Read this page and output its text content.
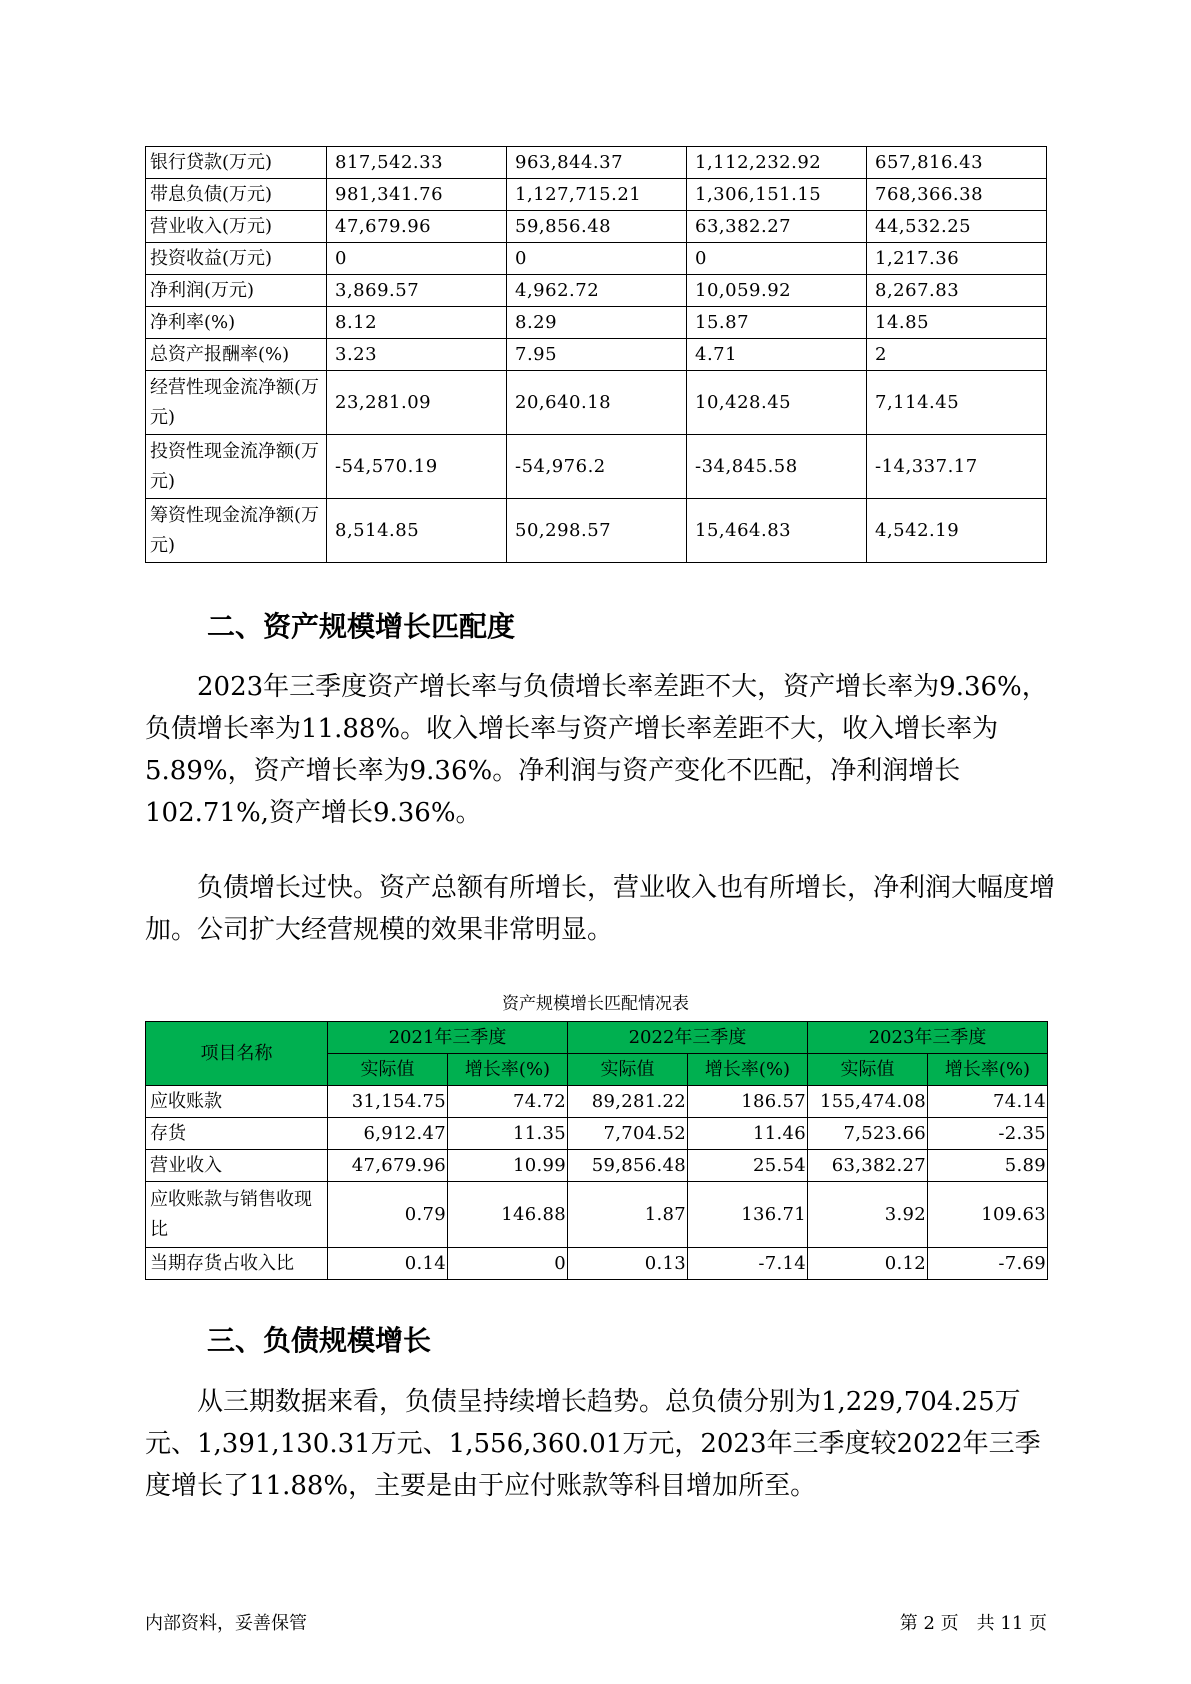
银行贷款(万元)	817,542.33	963,844.37	1,112,232.92	657,816.43
带息负债(万元)	981,341.76	1,127,715.21	1,306,151.15	768,366.38
营业收入(万元)	47,679.96	59,856.48	63,382.27	44,532.25
投资收益(万元)	0	0	0	1,217.36
净利润(万元)	3,869.57	4,962.72	10,059.92	8,267.83
净利率(%)	8.12	8.29	15.87	14.85
总资产报酬率(%)	3.23	7.95	4.71	2
经营性现金流净额(万元)	23,281.09	20,640.18	10,428.45	7,114.45
投资性现金流净额(万元)	-54,570.19	-54,976.2	-34,845.58	-14,337.17
筹资性现金流净额(万元)	8,514.85	50,298.57	15,464.83	4,542.19
二、资产规模增长匹配度
2023年三季度资产增长率与负债增长率差距不大，资产增长率为9.36%，负债增长率为11.88%。收入增长率与资产增长率差距不大，收入增长率为5.89%，资产增长率为9.36%。净利润与资产变化不匹配，净利润增长102.71%,资产增长9.36%。
负债增长过快。资产总额有所增长，营业收入也有所增长，净利润大幅度增加。公司扩大经营规模的效果非常明显。
资产规模增长匹配情况表
项目名称	2021年三季度		2022年三季度		2023年三季度	
	实际值	增长率(%)	实际值	增长率(%)	实际值	增长率(%)
应收账款	31,154.75	74.72	89,281.22	186.57	155,474.08	74.14
存货	6,912.47	11.35	7,704.52	11.46	7,523.66	-2.35
营业收入	47,679.96	10.99	59,856.48	25.54	63,382.27	5.89
应收账款与销售收现比	0.79	146.88	1.87	136.71	3.92	109.63
当期存货占收入比	0.14	0	0.13	-7.14	0.12	-7.69
三、负债规模增长
从三期数据来看，负债呈持续增长趋势。总负债分别为1,229,704.25万元、1,391,130.31万元、1,556,360.01万元，2023年三季度较2022年三季度增长了11.88%，主要是由于应付账款等科目增加所至。
内部资料，妥善保管	第 2 页　共 11 页
